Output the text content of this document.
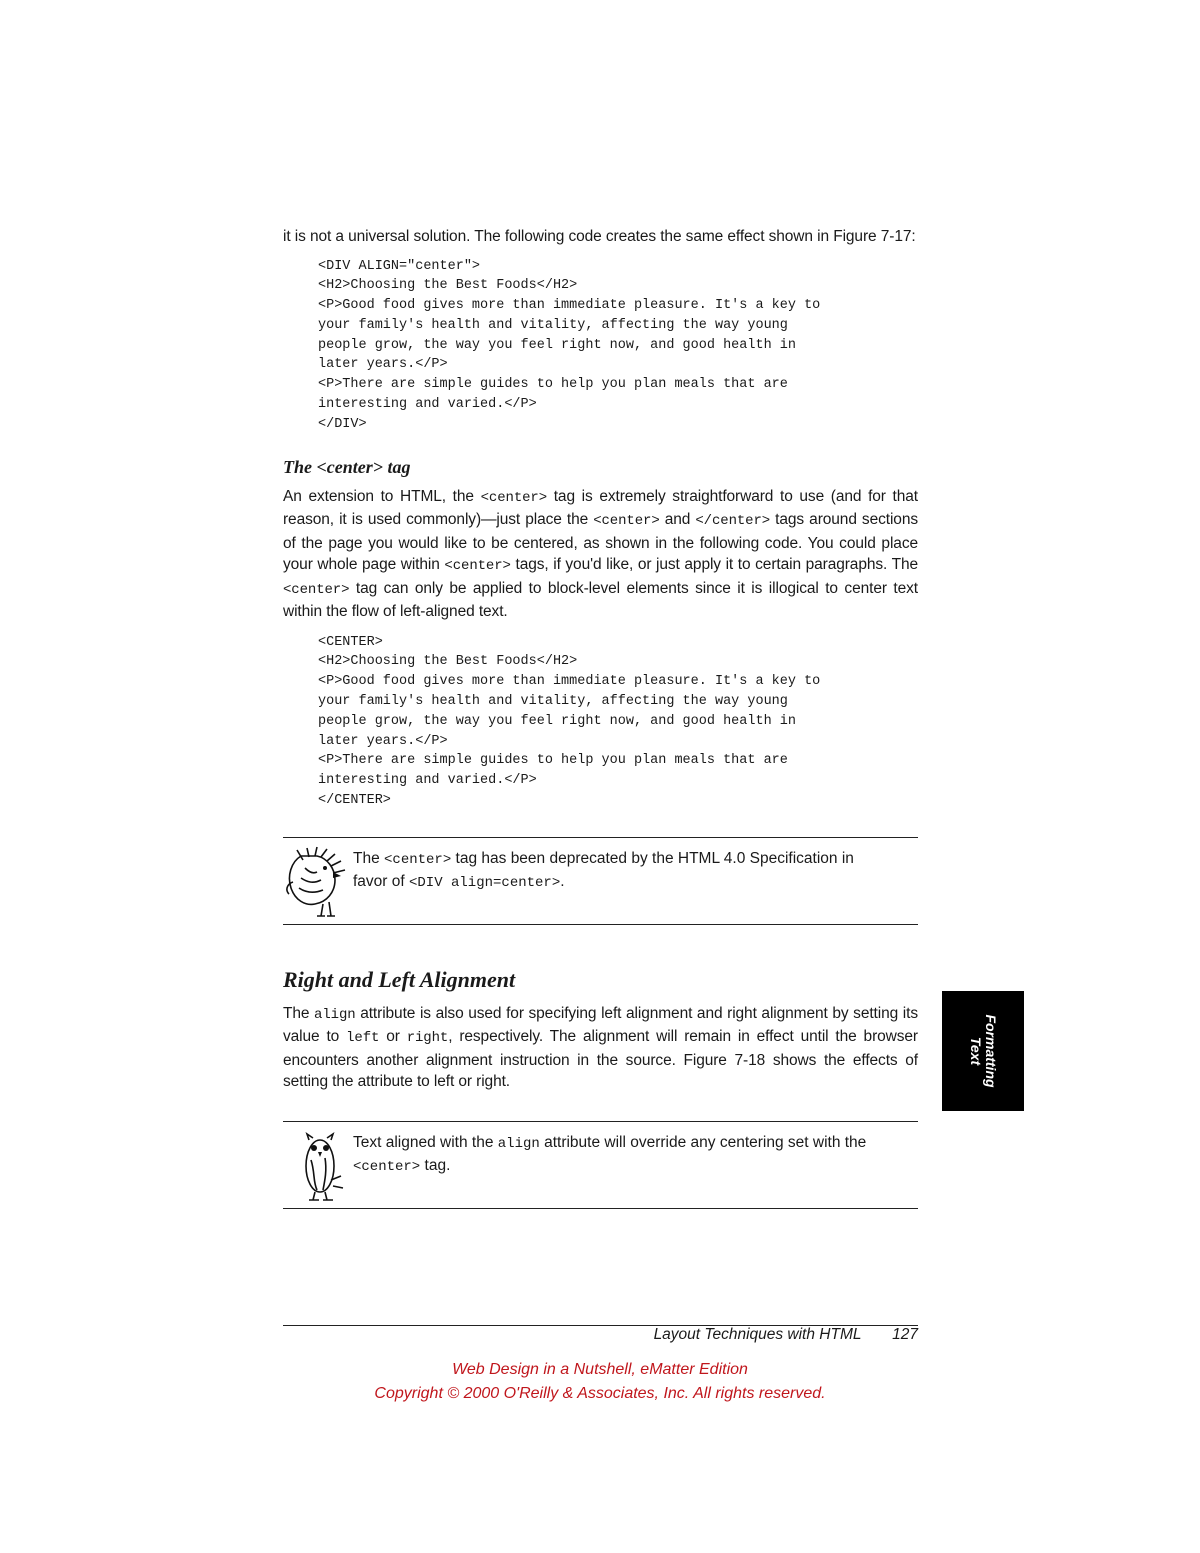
it is not a universal solution. The following code creates the same effect shown in Figure 7-17:

<DIV ALIGN="center">
<H2>Choosing the Best Foods</H2>
<P>Good food gives more than immediate pleasure. It's a key to
your family's health and vitality, affecting the way young
people grow, the way you feel right now, and good health in
later years.</P>
<P>There are simple guides to help you plan meals that are
interesting and varied.</P>
</DIV>
The <center> tag

An extension to HTML, the <center> tag is extremely straightforward to use (and for that reason, it is used commonly)—just place the <center> and </center> tags around sections of the page you would like to be centered, as shown in the following code. You could place your whole page within <center> tags, if you'd like, or just apply it to certain paragraphs. The <center> tag can only be applied to block-level elements since it is illogical to center text within the flow of left-aligned text.

<CENTER>
<H2>Choosing the Best Foods</H2>
<P>Good food gives more than immediate pleasure. It's a key to
your family's health and vitality, affecting the way young
people grow, the way you feel right now, and good health in
later years.</P>
<P>There are simple guides to help you plan meals that are
interesting and varied.</P>
</CENTER>
The <center> tag has been deprecated by the HTML 4.0 Specification in favor of <DIV align=center>.
Right and Left Alignment

The align attribute is also used for specifying left alignment and right alignment by setting its value to left or right, respectively. The alignment will remain in effect until the browser encounters another alignment instruction in the source. Figure 7-18 shows the effects of setting the attribute to left or right.

Text aligned with the align attribute will override any centering set with the <center> tag.
Formatting
Text
Layout Techniques with HTML 127
Web Design in a Nutshell, eMatter Edition
Copyright © 2000 O'Reilly & Associates, Inc. All rights reserved.
